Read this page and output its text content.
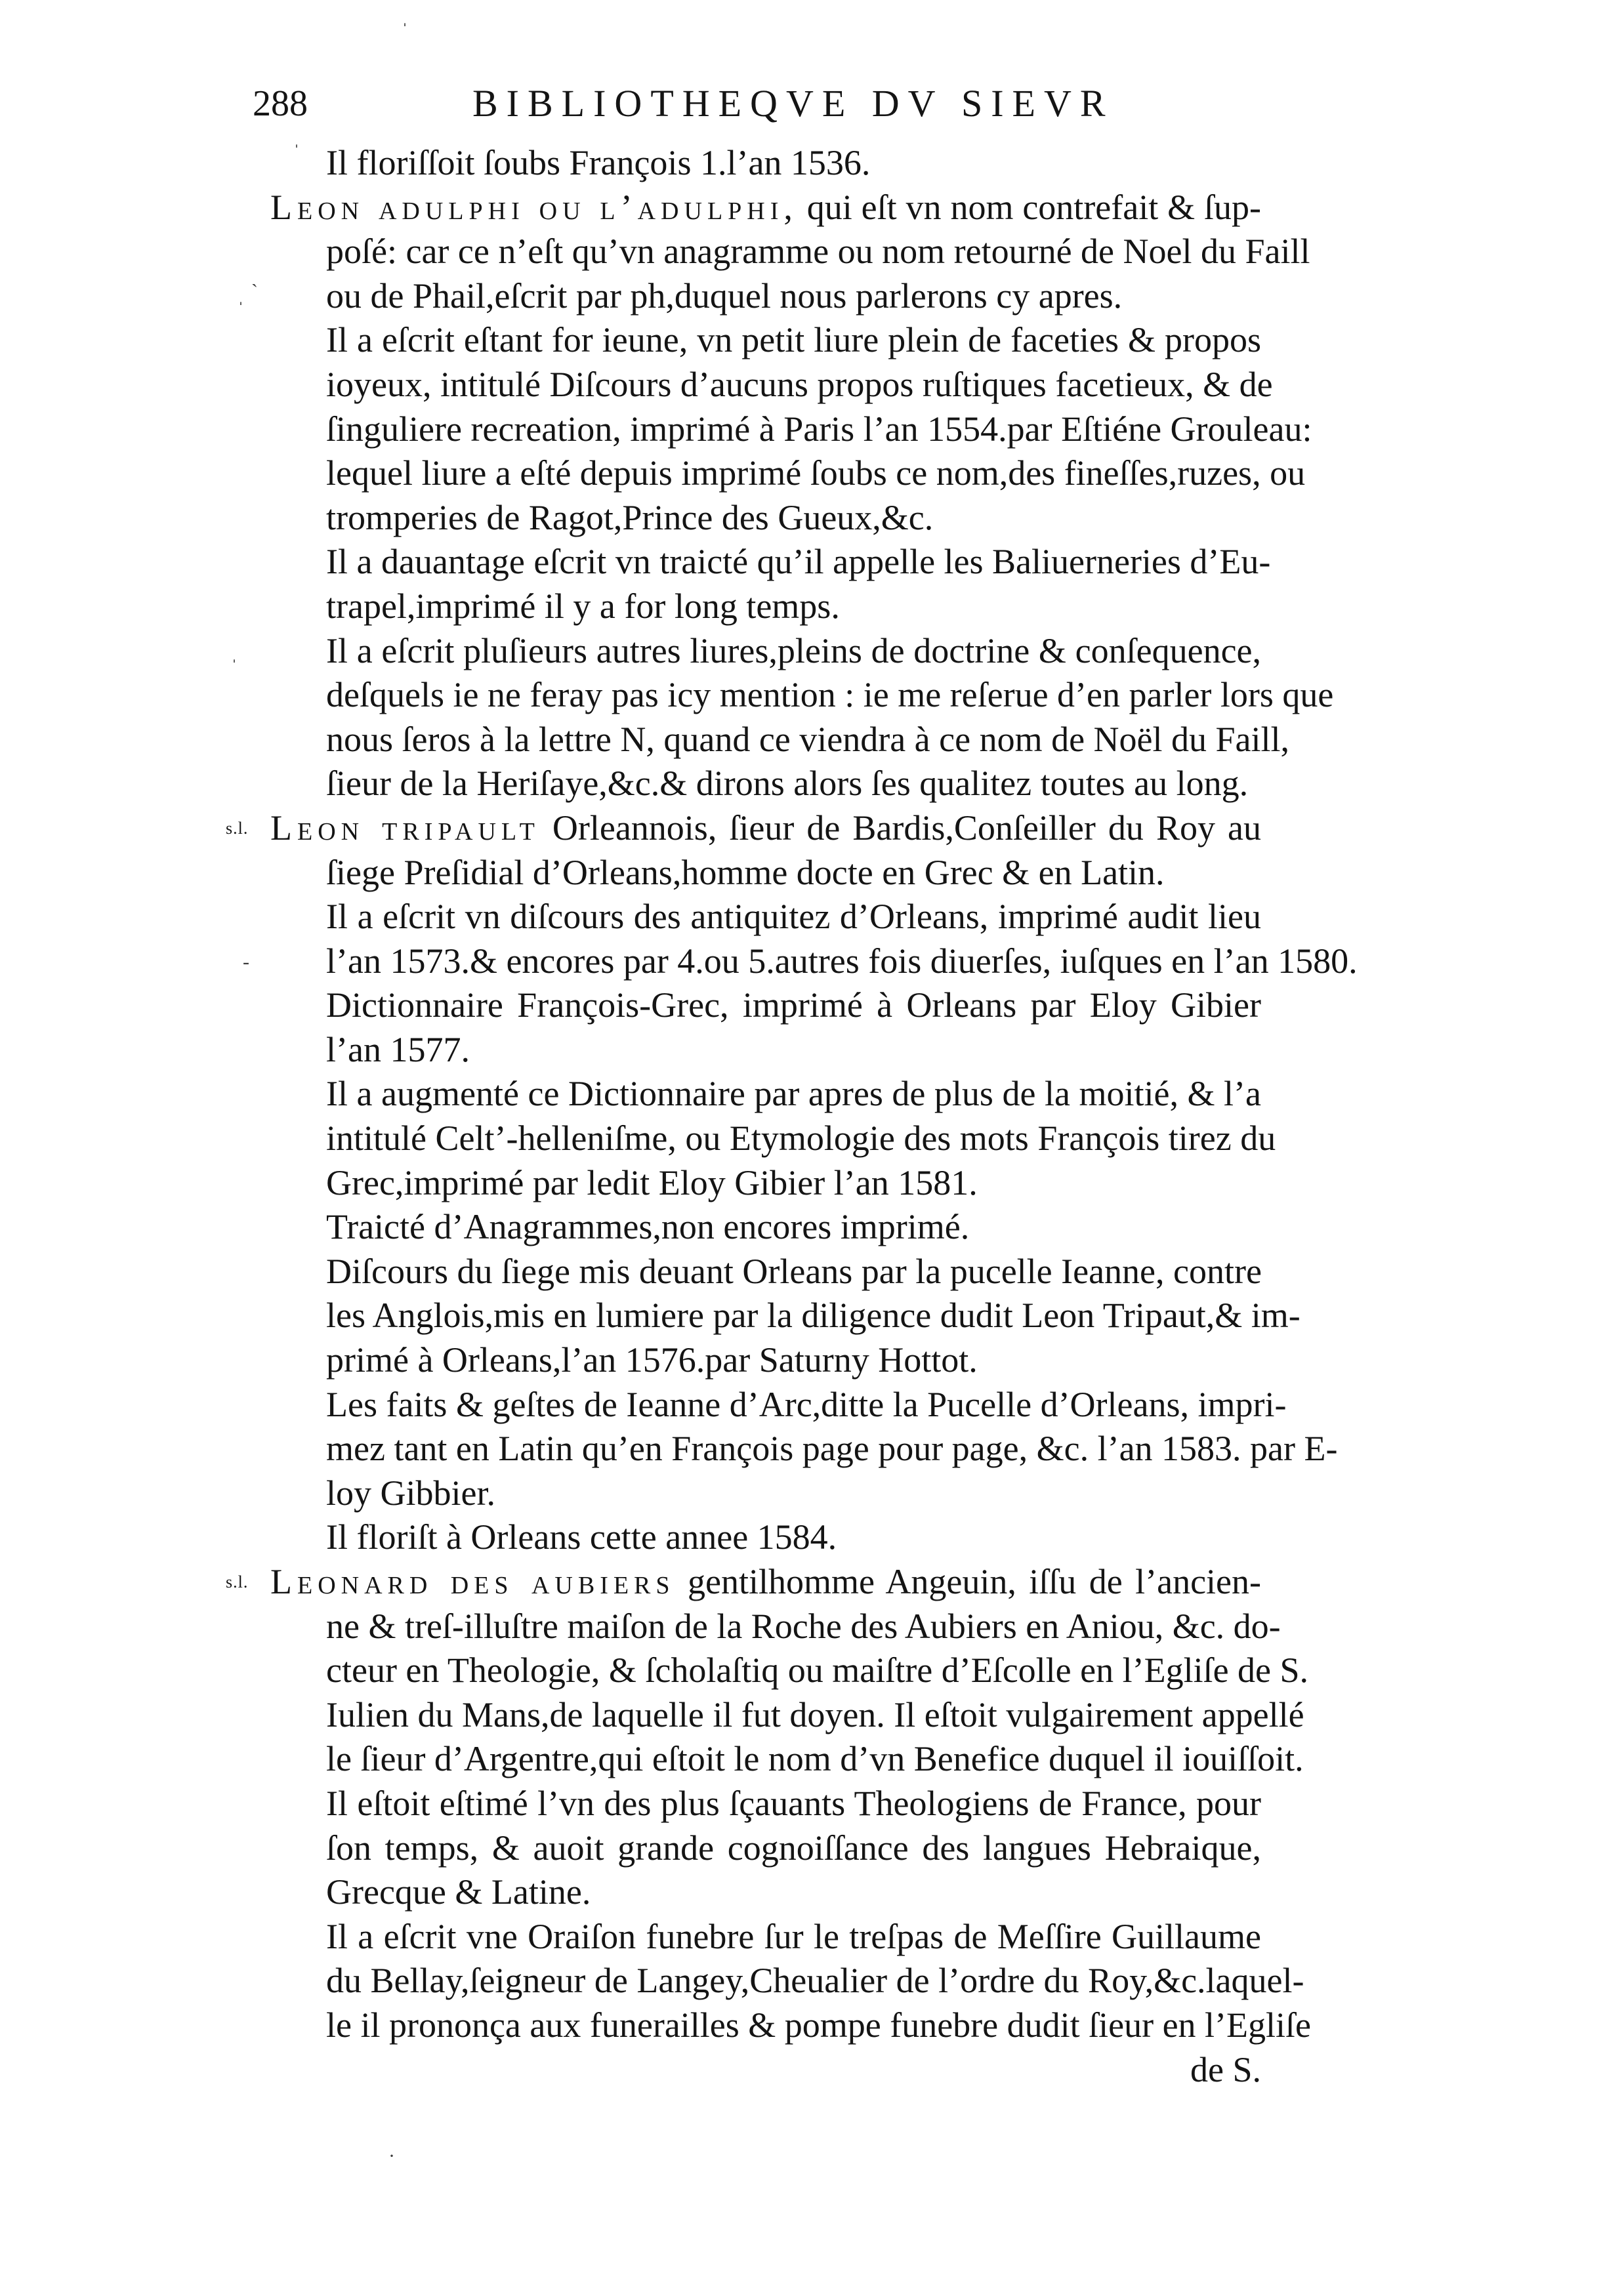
288	BIBLIOTHEQVE DV SIEVR
ˈ
ˈ
ˏ
ˈ
ˈ
-
·
Il floriſſoit ſoubs François 1.l’an 1536.
Leon adulphi ou l’adulphi, qui eſt vn nom contrefait & ſup-
poſé: car ce n’eſt qu’vn anagramme ou nom retourné de Noel du Faill
ou de Phail,eſcrit par ph,duquel nous parlerons cy apres.
Il a eſcrit eſtant for ieune, vn petit liure plein de faceties & propos
ioyeux, intitulé Diſcours d’aucuns propos ruſtiques facetieux, & de
ſinguliere recreation, imprimé à Paris l’an 1554.par Eſtiéne Grouleau:
lequel liure a eſté depuis imprimé ſoubs ce nom,des fineſſes,ruzes, ou
tromperies de Ragot,Prince des Gueux,&c.
Il a dauantage eſcrit vn traicté qu’il appelle les Baliuerneries d’Eu-
trapel,imprimé il y a for long temps.
Il a eſcrit pluſieurs autres liures,pleins de doctrine & conſequence,
deſquels ie ne feray pas icy mention : ie me reſerue d’en parler lors que
nous ſeros à la lettre N, quand ce viendra à ce nom de Noël du Faill,
ſieur de la Heriſaye,&c.& dirons alors ſes qualitez toutes au long.
s.l. Leon tripault Orleannois, ſieur de Bardis,Conſeiller du Roy au
ſiege Preſidial d’Orleans,homme docte en Grec & en Latin.
Il a eſcrit vn diſcours des antiquitez d’Orleans, imprimé audit lieu
l’an 1573.& encores par 4.ou 5.autres fois diuerſes, iuſques en l’an 1580.
Dictionnaire François-Grec, imprimé à Orleans par Eloy Gibier
l’an 1577.
Il a augmenté ce Dictionnaire par apres de plus de la moitié, & l’a
intitulé Celt’-helleniſme, ou Etymologie des mots François tirez du
Grec,imprimé par ledit Eloy Gibier l’an 1581.
Traicté d’Anagrammes,non encores imprimé.
Diſcours du ſiege mis deuant Orleans par la pucelle Ieanne, contre
les Anglois,mis en lumiere par la diligence dudit Leon Tripaut,& im-
primé à Orleans,l’an 1576.par Saturny Hottot.
Les faits & geſtes de Ieanne d’Arc,ditte la Pucelle d’Orleans, impri-
mez tant en Latin qu’en François page pour page, &c. l’an 1583. par E-
loy Gibbier.
Il floriſt à Orleans cette annee 1584.
s.l. Leonard des aubiers gentilhomme Angeuin, iſſu de l’ancien-
ne & treſ-illuſtre maiſon de la Roche des Aubiers en Aniou, &c. do-
cteur en Theologie, & ſcholaſtiq ou maiſtre d’Eſcolle en l’Egliſe de S.
Iulien du Mans,de laquelle il fut doyen. Il eſtoit vulgairement appellé
le ſieur d’Argentre,qui eſtoit le nom d’vn Benefice duquel il iouiſſoit.
Il eſtoit eſtimé l’vn des plus ſçauants Theologiens de France, pour
ſon temps, & auoit grande cognoiſſance des langues Hebraique,
Grecque & Latine.
Il a eſcrit vne Oraiſon funebre ſur le treſpas de Meſſire Guillaume
du Bellay,ſeigneur de Langey,Cheualier de l’ordre du Roy,&c.laquel-
le il prononça aux funerailles & pompe funebre dudit ſieur en l’Egliſe
de S.
